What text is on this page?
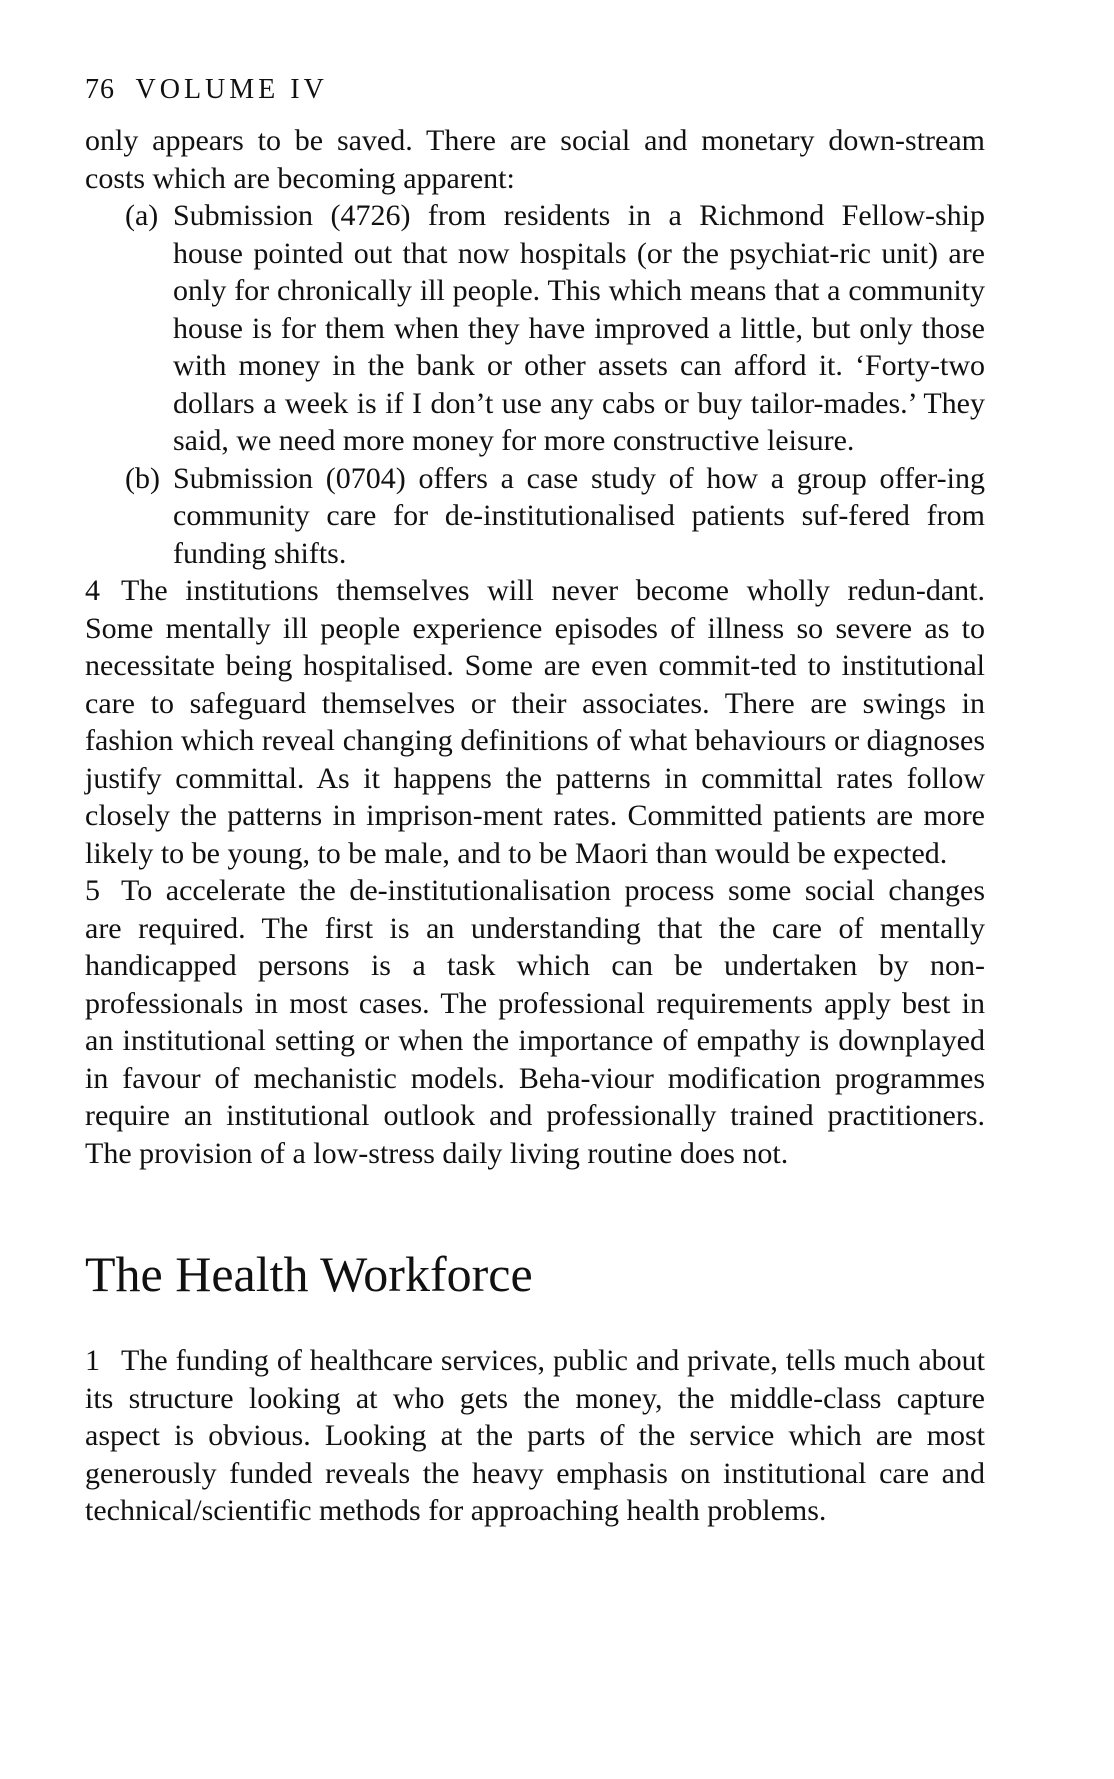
76 VOLUME IV

only appears to be saved. There are social and monetary down-stream costs which are becoming apparent:

(a) Submission (4726) from residents in a Richmond Fellow-ship house pointed out that now hospitals (or the psychiat-ric unit) are only for chronically ill people. This which means that a community house is for them when they have improved a little, but only those with money in the bank or other assets can afford it. ‘Forty-two dollars a week is if I don’t use any cabs or buy tailor-mades.’ They said, we need more money for more constructive leisure.
(b) Submission (0704) offers a case study of how a group offer-ing community care for de-institutionalised patients suf-fered from funding shifts.

4 The institutions themselves will never become wholly redun-dant. Some mentally ill people experience episodes of illness so severe as to necessitate being hospitalised. Some are even commit-ted to institutional care to safeguard themselves or their associates. There are swings in fashion which reveal changing definitions of what behaviours or diagnoses justify committal. As it happens the patterns in committal rates follow closely the patterns in imprison-ment rates. Committed patients are more likely to be young, to be male, and to be Maori than would be expected.

5 To accelerate the de-institutionalisation process some social changes are required. The first is an understanding that the care of mentally handicapped persons is a task which can be undertaken by non-professionals in most cases. The professional requirements apply best in an institutional setting or when the importance of empathy is downplayed in favour of mechanistic models. Beha-viour modification programmes require an institutional outlook and professionally trained practitioners. The provision of a low-stress daily living routine does not.

The Health Workforce

1 The funding of healthcare services, public and private, tells much about its structure looking at who gets the money, the middle-class capture aspect is obvious. Looking at the parts of the service which are most generously funded reveals the heavy emphasis on institutional care and technical/scientific methods for approaching health problems.
